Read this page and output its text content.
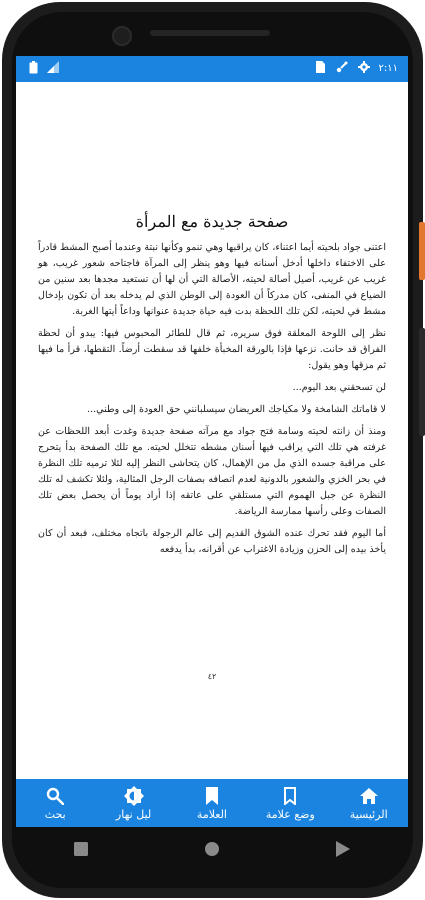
٢:١١
صفحة جديدة مع المرأة

اعتنى جواد بلحيته أيما اعتناء، كان يراقبها وهي تنمو وكأنها نبتة وعندما أصبح المشط قادراً على الاختفاء داخلها أدخل أسنانه فيها وهو ينظر إلى المرآة فاجتاحه شعور غريب، هو غريب عن غريب، أصيل أصالة لحيته، الأصالة التي أن لها أن تستعيد مجدها بعد سنين من الضياع في المنفى، كان مدركاً أن العودة إلى الوطن الذي لم يدخله بعد أن تكون بإدخال مشط في لحيته، لكن تلك اللحظة بدت فيه حياة جديدة عنوانها وداعاً أيتها الغربة.

نظر إلى اللوحة المعلقة فوق سريره، ثم قال للطائر المحبوس فيها: يبدو أن لحظة الفراق قد حانت. نزعها فإذا بالورقة المخبأة خلفها قد سقطت أرضاً. التقطها، قرأ ما فيها ثم مزقها وهو يقول:

لن تسحقني بعد اليوم...

لا قاماتك الشامخة ولا مكياجك العريضان سيسلبانني حق العودة إلى وطني...

ومنذ أن زانته لحيته وسامة فتح جواد مع مرآته صفحة جديدة وغدت أبعد اللحظات عن غرفته هي تلك التي يراقب فيها أسنان مشطه تتخلل لحيته. مع تلك الصفحة بدأ يتحرج على مراقبة جسده الذي مل من الإهمال، كان يتحاشى النظر إليه لئلا ترميه تلك النظرة في بحر الخزي والشعور بالدونية لعدم اتصافه بصفات الرجل المثالية، ولئلا تكشف له تلك النظرة عن جبل الهموم التي مستلقي على عاتقه إذا أراد يوماً أن يحصل بعض تلك الصفات وعلى رأسها ممارسة الرياضة.

أما اليوم فقد تحرك عنده الشوق القديم إلى عالم الرجولة باتجاه مختلف، فبعد أن كان يأخذ بيده إلى الحزن وزيادة الاغتراب عن أقرانه، بدأ يدفعه

٤٢
الرئيسية
وضع علامة
العلامة
ليل نهار
بحث
